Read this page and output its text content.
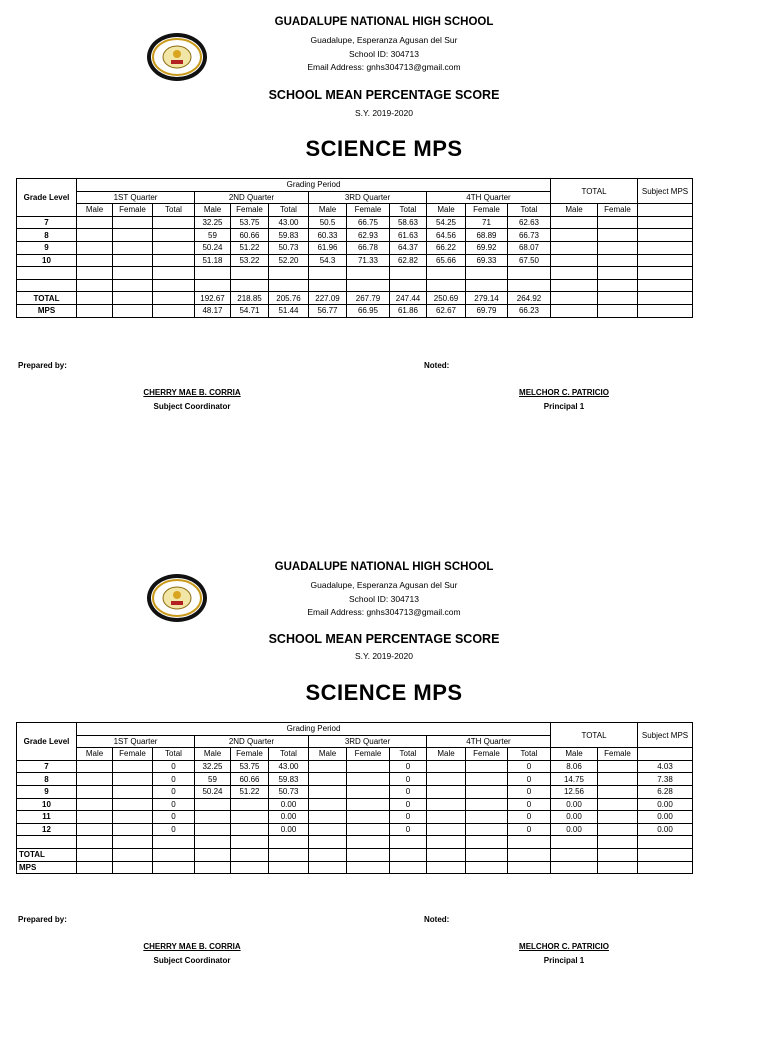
GUADALUPE NATIONAL HIGH SCHOOL
Guadalupe, Esperanza Agusan del Sur
School ID: 304713
Email Address: gnhs304713@gmail.com
SCHOOL MEAN PERCENTAGE SCORE
S.Y. 2019-2020
SCIENCE MPS
Grade Level	Grading Period												TOTAL		Subject MPS
	1ST Quarter			2ND Quarter			3RD Quarter			4TH Quarter					
	Male	Female	Total	Male	Female	Total	Male	Female	Total	Male	Female	Total	Male	Female	
7				32.25	53.75	43.00	50.5	66.75	58.63	54.25	71	62.63			
8				59	60.66	59.83	60.33	62.93	61.63	64.56	68.89	66.73			
9				50.24	51.22	50.73	61.96	66.78	64.37	66.22	69.92	68.07			
10				51.18	53.22	52.20	54.3	71.33	62.82	65.66	69.33	67.50			

TOTAL				192.67	218.85	205.76	227.09	267.79	247.44	250.69	279.14	264.92			
MPS				48.17	54.71	51.44	56.77	66.95	61.86	62.67	69.79	66.23			
Prepared by:	Noted:
CHERRY MAE B. CORRIA
Subject Coordinator
MELCHOR C. PATRICIO
Principal 1
GUADALUPE NATIONAL HIGH SCHOOL
Guadalupe, Esperanza Agusan del Sur
School ID: 304713
Email Address: gnhs304713@gmail.com
SCHOOL MEAN PERCENTAGE SCORE
S.Y. 2019-2020
SCIENCE MPS
Grade Level	Grading Period												TOTAL		Subject MPS
	1ST Quarter			2ND Quarter			3RD Quarter			4TH Quarter					
	Male	Female	Total	Male	Female	Total	Male	Female	Total	Male	Female	Total	Male	Female	
7			0	32.25	53.75	43.00			0			0	8.06		4.03
8			0	59	60.66	59.83			0			0	14.75		7.38
9			0	50.24	51.22	50.73			0			0	12.56		6.28
10			0			0.00			0			0	0.00		0.00
11			0			0.00			0			0	0.00		0.00
12			0			0.00			0			0	0.00		0.00

TOTAL															
MPS															
Prepared by:	Noted:
CHERRY MAE B. CORRIA
Subject Coordinator
MELCHOR C. PATRICIO
Principal 1
